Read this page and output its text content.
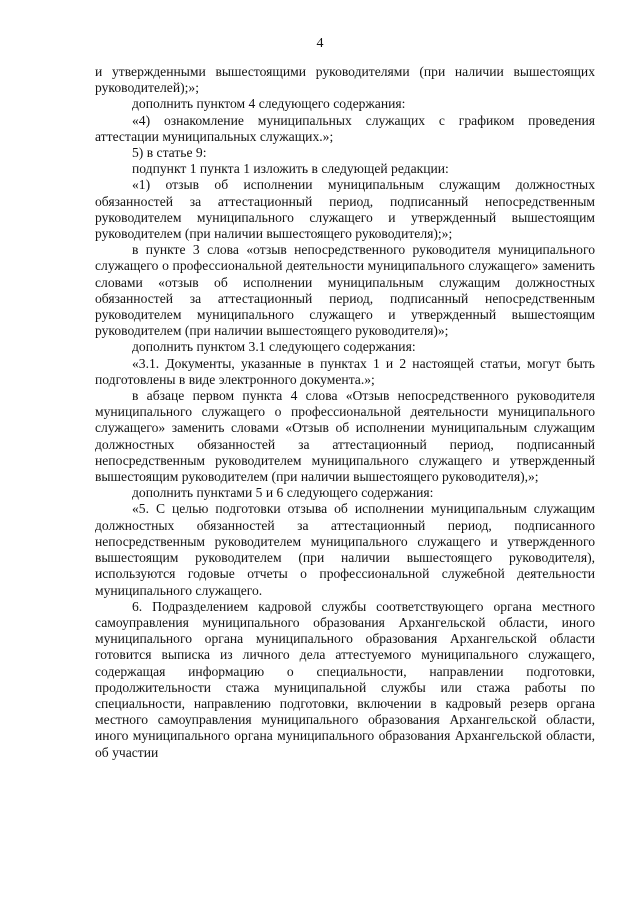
4

и утвержденными вышестоящими руководителями (при наличии вышестоящих руководителей);»;

дополнить пунктом 4 следующего содержания:

«4) ознакомление муниципальных служащих с графиком проведения аттестации муниципальных служащих.»;

5) в статье 9:

подпункт 1 пункта 1 изложить в следующей редакции:

«1) отзыв об исполнении муниципальным служащим должностных обязанностей за аттестационный период, подписанный непосредственным руководителем муниципального служащего и утвержденный вышестоящим руководителем (при наличии вышестоящего руководителя);»;

в пункте 3 слова «отзыв непосредственного руководителя муниципального служащего о профессиональной деятельности муниципального служащего» заменить словами «отзыв об исполнении муниципальным служащим должностных обязанностей за аттестационный период, подписанный непосредственным руководителем муниципального служащего и утвержденный вышестоящим руководителем (при наличии вышестоящего руководителя)»;

дополнить пунктом 3.1 следующего содержания:

«3.1. Документы, указанные в пунктах 1 и 2 настоящей статьи, могут быть подготовлены в виде электронного документа.»;

в абзаце первом пункта 4 слова «Отзыв непосредственного руководителя муниципального служащего о профессиональной деятельности муниципального служащего» заменить словами «Отзыв об исполнении муниципальным служащим должностных обязанностей за аттестационный период, подписанный непосредственным руководителем муниципального служащего и утвержденный вышестоящим руководителем (при наличии вышестоящего руководителя),»;

дополнить пунктами 5 и 6 следующего содержания:

«5. С целью подготовки отзыва об исполнении муниципальным служащим должностных обязанностей за аттестационный период, подписанного непосредственным руководителем муниципального служащего и утвержденного вышестоящим руководителем (при наличии вышестоящего руководителя), используются годовые отчеты о профессиональной служебной деятельности муниципального служащего.

6. Подразделением кадровой службы соответствующего органа местного самоуправления муниципального образования Архангельской области, иного муниципального органа муниципального образования Архангельской области готовится выписка из личного дела аттестуемого муниципального служащего, содержащая информацию о специальности, направлении подготовки, продолжительности стажа муниципальной службы или стажа работы по специальности, направлению подготовки, включении в кадровый резерв органа местного самоуправления муниципального образования Архангельской области, иного муниципального органа муниципального образования Архангельской области, об участии
